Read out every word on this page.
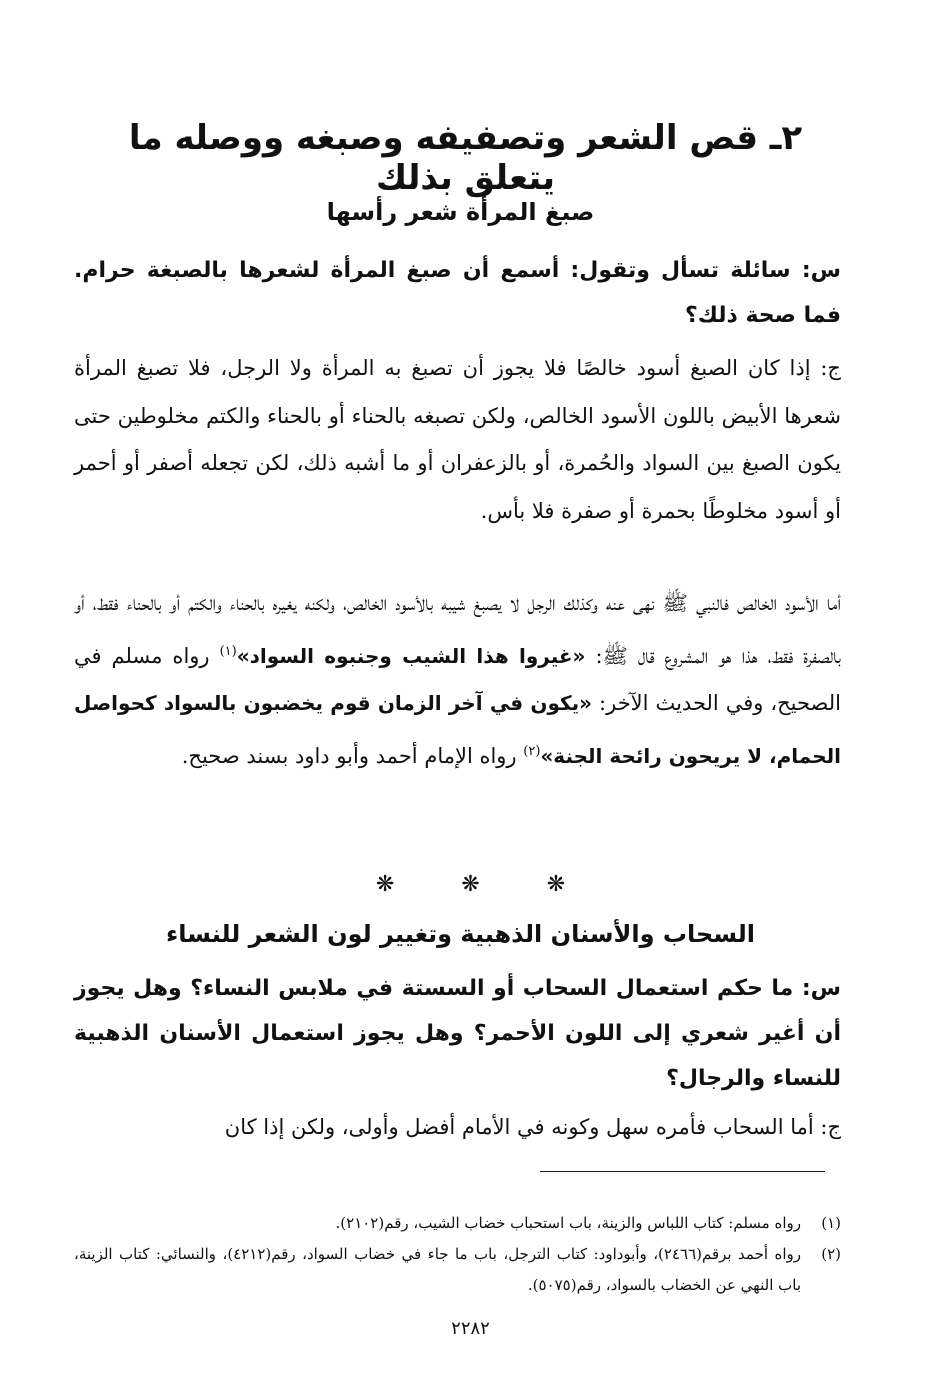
٢ـ قص الشعر وتصفيفه وصبغه ووصله ما يتعلق بذلك
صبغ المرأة شعر رأسها
س: سائلة تسأل وتقول: أسمع أن صبغ المرأة لشعرها بالصبغة حرام. فما صحة ذلك؟
ج: إذا كان الصبغ أسود خالصًا فلا يجوز أن تصبغ به المرأة ولا الرجل، فلا تصبغ المرأة شعرها الأبيض باللون الأسود الخالص، ولكن تصبغه بالحناء أو بالحناء والكتم مخلوطين حتى يكون الصبغ بين السواد والحُمرة، أو بالزعفران أو ما أشبه ذلك، لكن تجعله أصفر أو أحمر أو أسود مخلوطًا بحمرة أو صفرة فلا بأس.
أما الأسود الخالص فالنبي ﷺ نهى عنه وكذلك الرجل لا يصبغ شيبه بالأسود الخالص، ولكنه يغيره بالحناء والكتم أو بالحناء فقط، أو بالصفرة فقط، هذا هو المشروع قال ﷺ: «غيروا هذا الشيب وجنبوه السواد»$^{(١)}$ رواه مسلم في الصحيح، وفي الحديث الآخر: «يكون في آخر الزمان قوم يخضبون بالسواد كحواصل الحمام، لا يريحون رائحة الجنة»$^{(٢)}$ رواه الإمام أحمد وأبو داود بسند صحيح.
❋	❋	❋
السحاب والأسنان الذهبية وتغيير لون الشعر للنساء
س: ما حكم استعمال السحاب أو السستة في ملابس النساء؟ وهل يجوز أن أغير شعري إلى اللون الأحمر؟ وهل يجوز استعمال الأسنان الذهبية للنساء والرجال؟
ج: أما السحاب فأمره سهل وكونه في الأمام أفضل وأولى، ولكن إذا كان
(١)
رواه مسلم: كتاب اللباس والزينة، باب استحباب خضاب الشيب، رقم(٢١٠٢).
(٢)
رواه أحمد برقم(٢٤٦٦)، وأبوداود: كتاب الترجل، باب ما جاء في خضاب السواد، رقم(٤٢١٢)، والنسائي: كتاب الزينة، باب النهي عن الخضاب بالسواد، رقم(٥٠٧٥).
٢٢٨٢
